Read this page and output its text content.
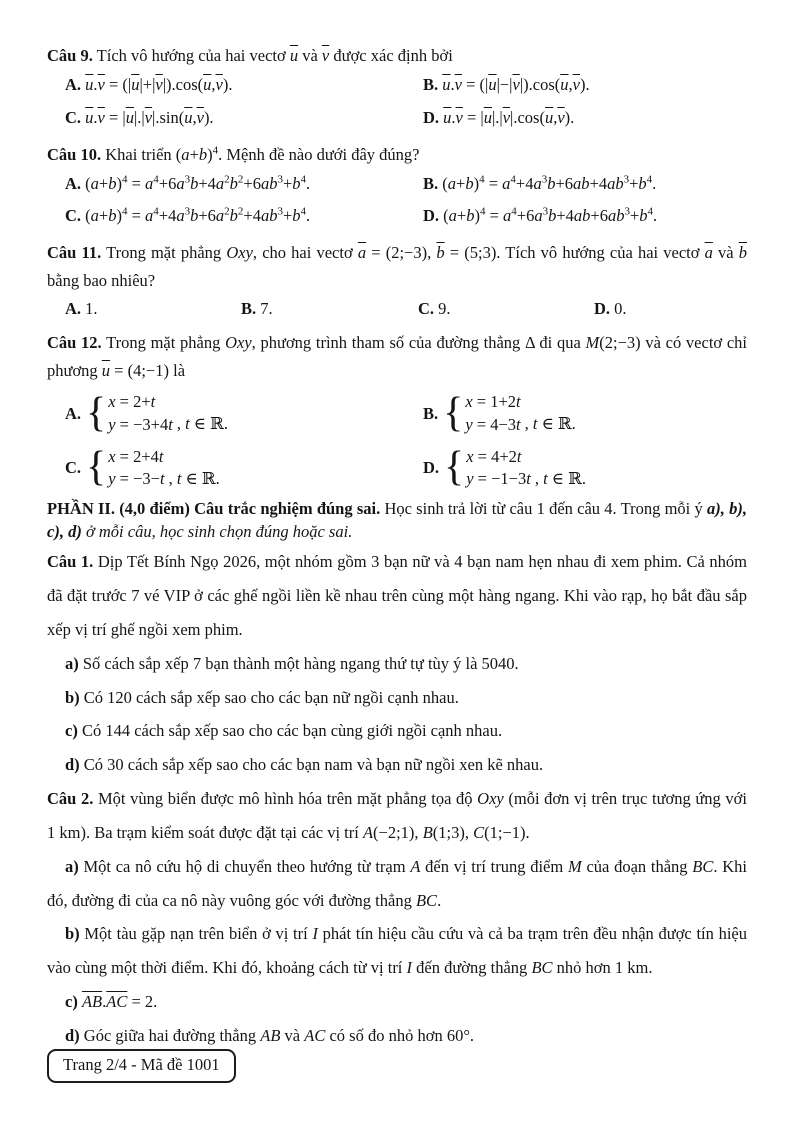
Câu 9. Tích vô hướng của hai vectơ $\overline{u}$ và $\overline{v}$ được xác định bởi

A. $\overline{u}.\overline{v} = (|\overline{u}|+|\overline{v}|).\cos(\overline{u},\overline{v})$.	B. $\overline{u}.\overline{v} = (|\overline{u}|-|\overline{v}|).\cos(\overline{u},\overline{v})$.
C. $\overline{u}.\overline{v} = |\overline{u}|.|\overline{v}|.\sin(\overline{u},\overline{v})$.	D. $\overline{u}.\overline{v} = |\overline{u}|.|\overline{v}|.\cos(\overline{u},\overline{v})$.

Câu 10. Khai triển $(a+b)^4$. Mệnh đề nào dưới đây đúng?

A. $(a+b)^4 = a^4+6a^3b+4a^2b^2+6ab^3+b^4$.	B. $(a+b)^4 = a^4+4a^3b+6ab+4ab^3+b^4$.
C. $(a+b)^4 = a^4+4a^3b+6a^2b^2+4ab^3+b^4$.	D. $(a+b)^4 = a^4+6a^3b+4ab+6ab^3+b^4$.

Câu 11. Trong mặt phẳng Oxy, cho hai vectơ $\overline{a}$ = (2;−3), $\overline{b}$ = (5;3). Tích vô hướng của hai vectơ $\overline{a}$ và $\overline{b}$ bằng bao nhiêu?

A. 1.	B. 7.	C. 9.	D. 0.

Câu 12. Trong mặt phẳng Oxy, phương trình tham số của đường thẳng Δ đi qua M(2;−3) và có vectơ chỉ phương $\overline{u}$ = (4;−1) là

A. { x = 2+t
y = −3+4t , t ∈ ℝ.
B. { x = 1+2t
y = 4−3t , t ∈ ℝ.
C. { x = 2+4t
y = −3−t , t ∈ ℝ.
D. { x = 4+2t
y = −1−3t , t ∈ ℝ.

PHẦN II. (4,0 điểm) Câu trắc nghiệm đúng sai. Học sinh trả lời từ câu 1 đến câu 4. Trong mỗi ý a), b), c), d) ở mỗi câu, học sinh chọn đúng hoặc sai.

Câu 1. Dịp Tết Bính Ngọ 2026, một nhóm gồm 3 bạn nữ và 4 bạn nam hẹn nhau đi xem phim. Cả nhóm đã đặt trước 7 vé VIP ở các ghế ngồi liền kề nhau trên cùng một hàng ngang. Khi vào rạp, họ bắt đầu sắp xếp vị trí ghế ngồi xem phim.

a) Số cách sắp xếp 7 bạn thành một hàng ngang thứ tự tùy ý là 5040.

b) Có 120 cách sắp xếp sao cho các bạn nữ ngồi cạnh nhau.

c) Có 144 cách sắp xếp sao cho các bạn cùng giới ngồi cạnh nhau.

d) Có 30 cách sắp xếp sao cho các bạn nam và bạn nữ ngồi xen kẽ nhau.

Câu 2. Một vùng biển được mô hình hóa trên mặt phẳng tọa độ Oxy (mỗi đơn vị trên trục tương ứng với 1 km). Ba trạm kiểm soát được đặt tại các vị trí A(−2;1), B(1;3), C(1;−1).

a) Một ca nô cứu hộ di chuyển theo hướng từ trạm A đến vị trí trung điểm M của đoạn thẳng BC. Khi đó, đường đi của ca nô này vuông góc với đường thẳng BC.

b) Một tàu gặp nạn trên biển ở vị trí I phát tín hiệu cầu cứu và cả ba trạm trên đều nhận được tín hiệu vào cùng một thời điểm. Khi đó, khoảng cách từ vị trí I đến đường thẳng BC nhỏ hơn 1 km.

c) $\overline{AB}.\overline{AC} = 2$.

d) Góc giữa hai đường thẳng AB và AC có số đo nhỏ hơn 60°.

Trang 2/4 - Mã đề 1001
